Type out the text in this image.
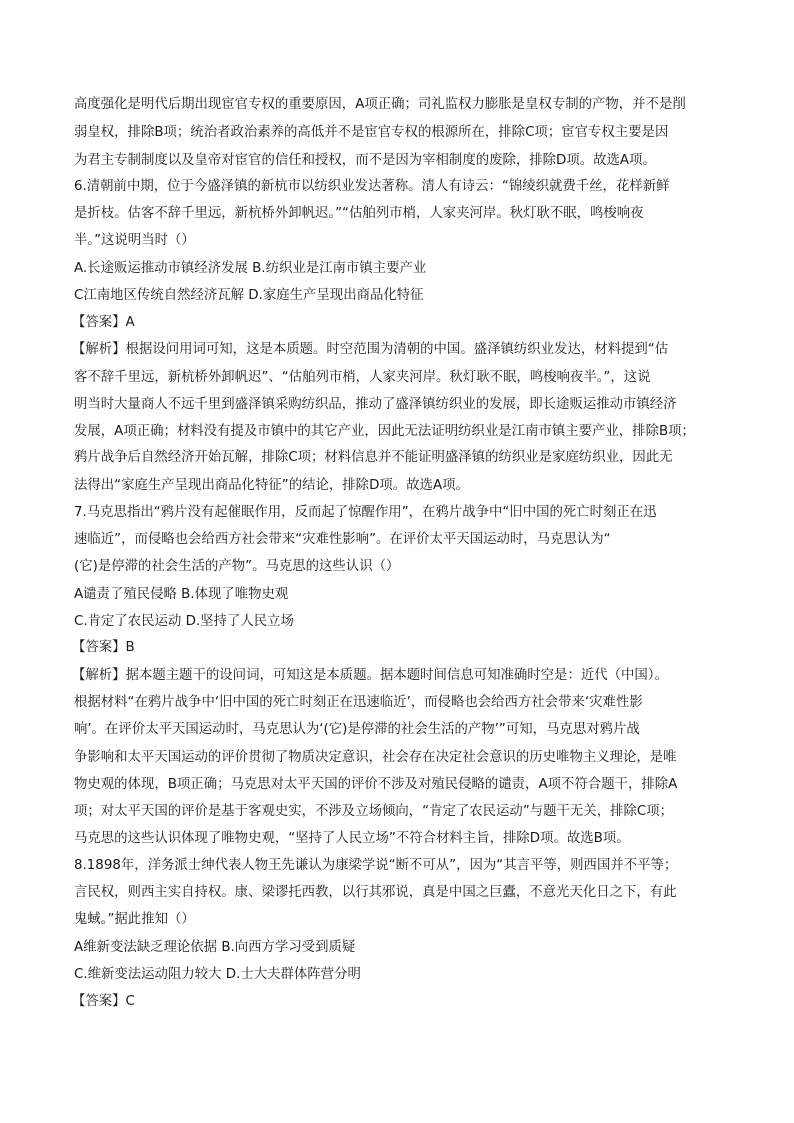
高度强化是明代后期出现宦官专权的重要原因，A项正确；司礼监权力膨胀是皇权专制的产物，并不是削
弱皇权，排除B项；统治者政治素养的高低并不是宦官专权的根源所在，排除C项；宦官专权主要是因
为君主专制制度以及皇帝对宦官的信任和授权，而不是因为宰相制度的废除，排除D项。故选A项。
6.清朝前中期，位于今盛泽镇的新杭市以纺织业发达著称。清人有诗云：“锦绫织就费千丝，花样新鲜
是折枝。估客不辞千里远，新杭桥外卸帆迟。”“估舶列市梢，人家夹河岸。秋灯耿不眠，鸣梭响夜
半。”这说明当时（）
A.长途贩运推动市镇经济发展 B.纺织业是江南市镇主要产业
C江南地区传统自然经济瓦解 D.家庭生产呈现出商品化特征
【答案】A
【解析】根据设问用词可知，这是本质题。时空范围为清朝的中国。盛泽镇纺织业发达，材料提到“估
客不辞千里远，新杭桥外卸帆迟”、“估舶列市梢，人家夹河岸。秋灯耿不眠，鸣梭响夜半。”，这说
明当时大量商人不远千里到盛泽镇采购纺织品，推动了盛泽镇纺织业的发展，即长途贩运推动市镇经济
发展，A项正确；材料没有提及市镇中的其它产业，因此无法证明纺织业是江南市镇主要产业，排除B项；
鸦片战争后自然经济开始瓦解，排除C项；材料信息并不能证明盛泽镇的纺织业是家庭纺织业，因此无
法得出“家庭生产呈现出商品化特征”的结论，排除D项。故选A项。
7.马克思指出“鸦片没有起催眠作用，反而起了惊醒作用”，在鸦片战争中“旧中国的死亡时刻正在迅
速临近”，而侵略也会给西方社会带来“灾难性影响”。在评价太平天国运动时，马克思认为“
(它)是停滞的社会生活的产物”。马克思的这些认识（）
A谴责了殖民侵略 B.体现了唯物史观
C.肯定了农民运动 D.坚持了人民立场
【答案】B
【解析】据本题主题干的设问词，可知这是本质题。据本题时间信息可知准确时空是：近代（中国）。
根据材料“在鸦片战争中‘旧中国的死亡时刻正在迅速临近’，而侵略也会给西方社会带来‘灾难性影
响’。在评价太平天国运动时，马克思认为‘(它)是停滞的社会生活的产物’”可知，马克思对鸦片战
争影响和太平天国运动的评价贯彻了物质决定意识，社会存在决定社会意识的历史唯物主义理论，是唯
物史观的体现，B项正确；马克思对太平天国的评价不涉及对殖民侵略的谴责，A项不符合题干，排除A
项；对太平天国的评价是基于客观史实，不涉及立场倾向，“肯定了农民运动”与题干无关，排除C项；
马克思的这些认识体现了唯物史观，“坚持了人民立场”不符合材料主旨，排除D项。故选B项。
8.1898年，洋务派士绅代表人物王先谦认为康梁学说“断不可从”，因为“其言平等，则西国并不平等；
言民权，则西主实自持权。康、梁谬托西教，以行其邪说，真是中国之巨蠹，不意光天化日之下，有此
鬼蜮。”据此推知（）
A维新变法缺乏理论依据 B.向西方学习受到质疑
C.维新变法运动阻力较大 D.士大夫群体阵营分明
【答案】C
